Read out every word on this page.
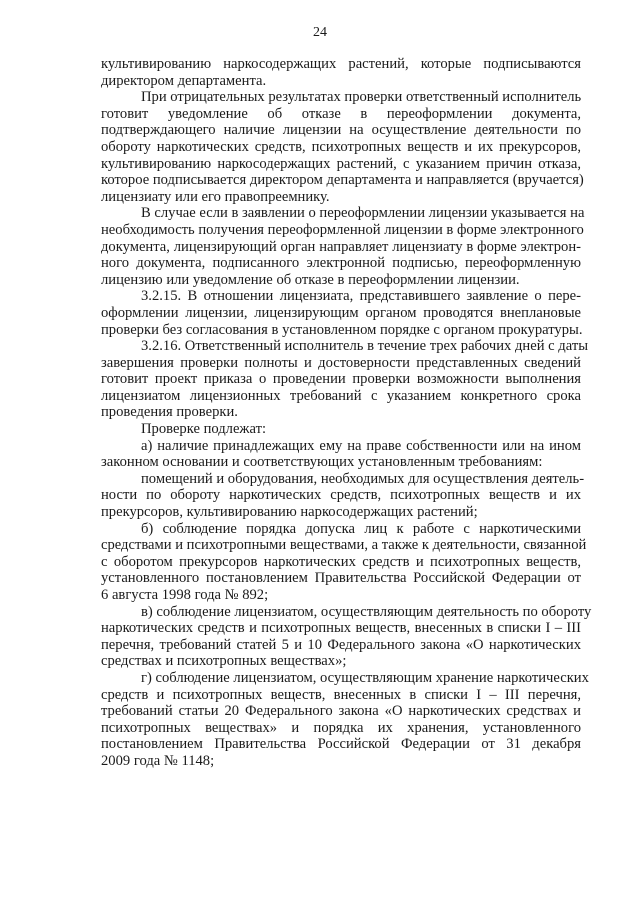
24

культивированию наркосодержащих растений, которые подписываются
директором департамента.

При отрицательных результатах проверки ответственный исполнитель
готовит уведомление об отказе в переоформлении документа,
подтверждающего наличие лицензии на осуществление деятельности по
обороту наркотических средств, психотропных веществ и их прекурсоров,
культивированию наркосодержащих растений, с указанием причин отказа,
которое подписывается директором департамента и направляется (вручается)
лицензиату или его правопреемнику.

В случае если в заявлении о переоформлении лицензии указывается на
необходимость получения переоформленной лицензии в форме электронного
документа, лицензирующий орган направляет лицензиату в форме электрон-
ного документа, подписанного электронной подписью, переоформленную
лицензию или уведомление об отказе в переоформлении лицензии.

3.2.15. В отношении лицензиата, представившего заявление о пере-
оформлении лицензии, лицензирующим органом проводятся внеплановые
проверки без согласования в установленном порядке с органом прокуратуры.

3.2.16. Ответственный исполнитель в течение трех рабочих дней с даты
завершения проверки полноты и достоверности представленных сведений
готовит проект приказа о проведении проверки возможности выполнения
лицензиатом лицензионных требований с указанием конкретного срока
проведения проверки.

Проверке подлежат:

а) наличие принадлежащих ему на праве собственности или на ином
законном основании и соответствующих установленным требованиям:

помещений и оборудования, необходимых для осуществления деятель-
ности по обороту наркотических средств, психотропных веществ и их
прекурсоров, культивированию наркосодержащих растений;

б) соблюдение порядка допуска лиц к работе с наркотическими
средствами и психотропными веществами, а также к деятельности, связанной
с оборотом прекурсоров наркотических средств и психотропных веществ,
установленного постановлением Правительства Российской Федерации от
6 августа 1998 года № 892;

в) соблюдение лицензиатом, осуществляющим деятельность по обороту
наркотических средств и психотропных веществ, внесенных в списки I – III
перечня, требований статей 5 и 10 Федерального закона «О наркотических
средствах и психотропных веществах»;

г) соблюдение лицензиатом, осуществляющим хранение наркотических
средств и психотропных веществ, внесенных в списки I – III перечня,
требований статьи 20 Федерального закона «О наркотических средствах и
психотропных веществах» и порядка их хранения, установленного
постановлением Правительства Российской Федерации от 31 декабря
2009 года № 1148;
